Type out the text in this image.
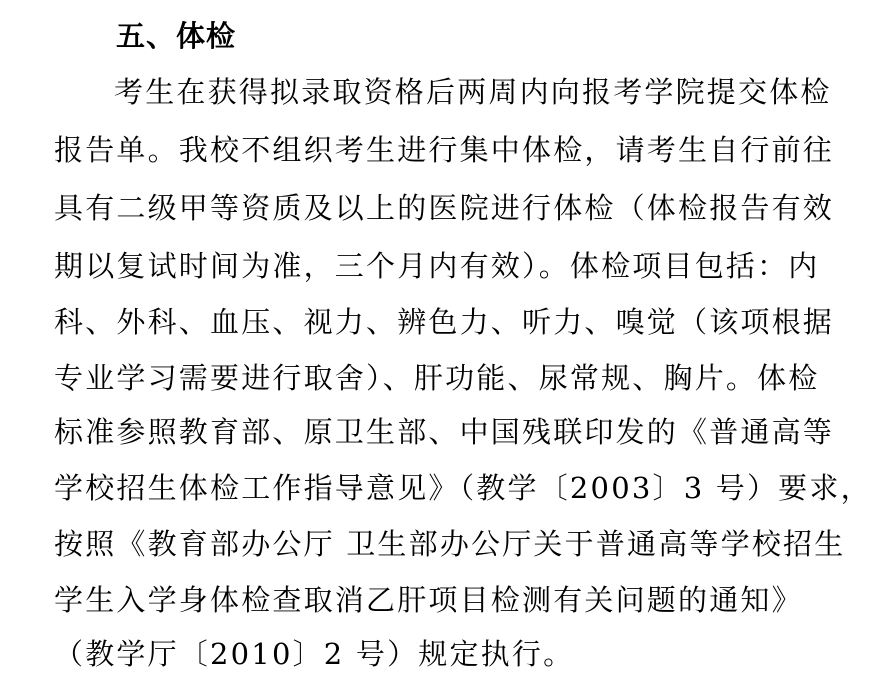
五、体检
考生在获得拟录取资格后两周内向报考学院提交体检
报告单。我校不组织考生进行集中体检，请考生自行前往
具有二级甲等资质及以上的医院进行体检（体检报告有效
期以复试时间为准，三个月内有效）。体检项目包括：内
科、外科、血压、视力、辨色力、听力、嗅觉（该项根据
专业学习需要进行取舍）、肝功能、尿常规、胸片。体检
标准参照教育部、原卫生部、中国残联印发的《普通高等
学校招生体检工作指导意见》（教学〔2003〕3 号）要求，
按照《教育部办公厅 卫生部办公厅关于普通高等学校招生
学生入学身体检查取消乙肝项目检测有关问题的通知》
（教学厅〔2010〕2 号）规定执行。
